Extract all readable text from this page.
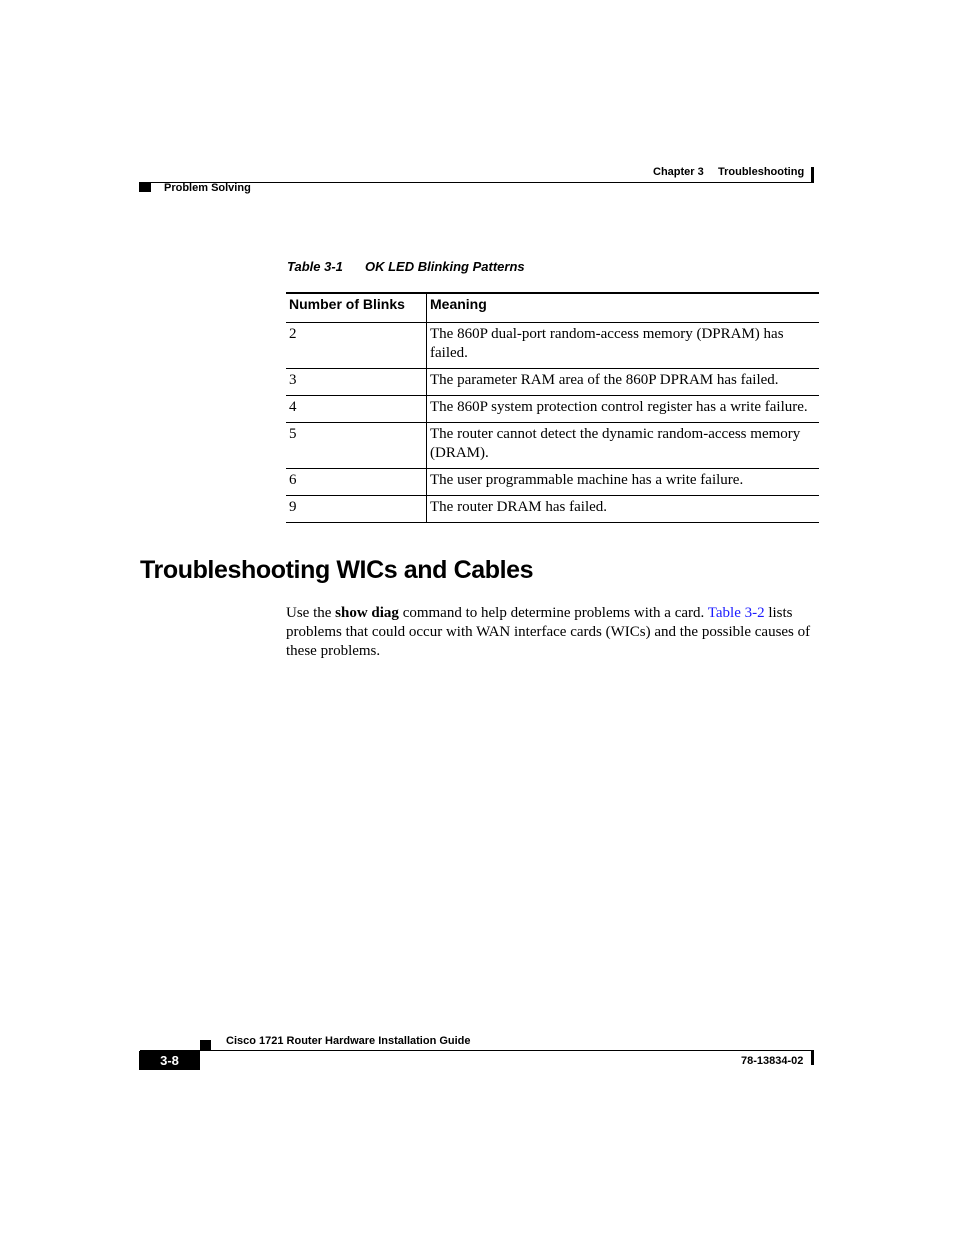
Chapter 3 Troubleshooting
Problem Solving
Table 3-1 OK LED Blinking Patterns
Number of Blinks	Meaning
2	The 860P dual-port random-access memory (DPRAM) has failed.
3	The parameter RAM area of the 860P DPRAM has failed.
4	The 860P system protection control register has a write failure.
5	The router cannot detect the dynamic random-access memory (DRAM).
6	The user programmable machine has a write failure.
9	The router DRAM has failed.
Troubleshooting WICs and Cables

Use the show diag command to help determine problems with a card. Table 3-2 lists problems that could occur with WAN interface cards (WICs) and the possible causes of these problems.

Cisco 1721 Router Hardware Installation Guide
3-8	78-13834-02
